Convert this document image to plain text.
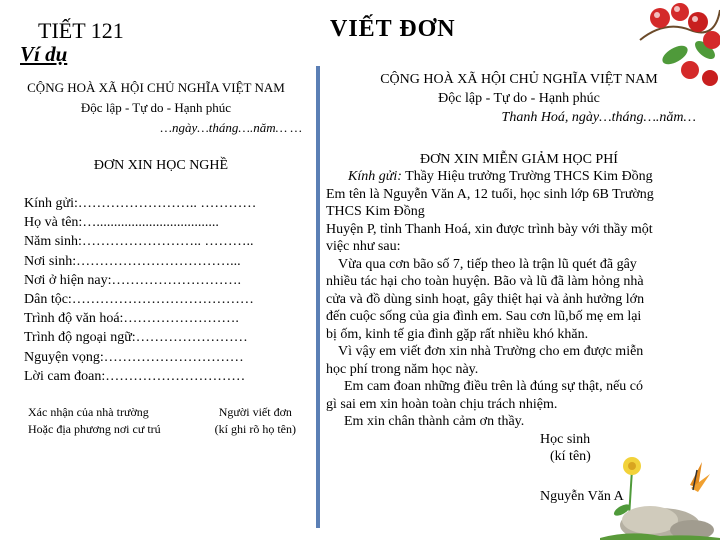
TIẾT 121
Ví dụ
VIẾT ĐƠN
CỘNG HOÀ XÃ HỘI CHỦ NGHĨA VIỆT NAM
Độc lập - Tự do - Hạnh phúc
…ngày…tháng….năm… …
ĐƠN XIN HỌC NGHỀ
Kính gửi:…………………….. …………
Họ và tên:…...................................
Năm sinh:…………………….. ………..
Nơi sinh:……………………………...
Nơi ở hiện nay:……………………….
Dân tộc:…………………………………
Trình độ văn hoá:…………………….
Trình độ ngoại ngữ:……………………
Nguyện vọng:…………………………
Lời cam đoan:…………………………
Xác nhận của nhà trường
Hoặc địa phương nơi cư trú
Người viết đơn
(kí ghi rõ họ tên)
CỘNG HOÀ XÃ HỘI CHỦ NGHĨA VIỆT NAM
Độc lập - Tự do - Hạnh phúc
Thanh Hoá, ngày…tháng….năm…
ĐƠN XIN MIỄN GIẢM HỌC PHÍ

Kính gửi: Thầy Hiệu trưởng Trường THCS Kim Đồng

Em tên là Nguyễn Văn A, 12 tuổi, học sinh lớp 6B Trường

THCS Kim Đồng

Huyện P, tỉnh Thanh Hoá, xin được trình bày với thầy một

việc như sau:

Vừa qua cơn bão số 7, tiếp theo là trận lũ quét đã gây

nhiều tác hại cho toàn huyện. Bão và lũ đã làm hỏng nhà

cửa và đồ dùng sinh hoạt, gây thiệt hại và ảnh hưởng lớn

đến cuộc sống của gia đình em. Sau cơn lũ,bố mẹ em lại

bị ốm, kinh tế gia đình gặp rất nhiều khó khăn.

Vì vậy em viết đơn xin nhà Trường cho em được miễn

học phí trong năm học này.

Em cam đoan những điều trên là đúng sự thật, nếu có

gì sai em xin hoàn toàn chịu trách nhiệm.

Em xin chân thành cảm ơn thầy.

Học sinh

(kí tên)

Nguyễn Văn A
